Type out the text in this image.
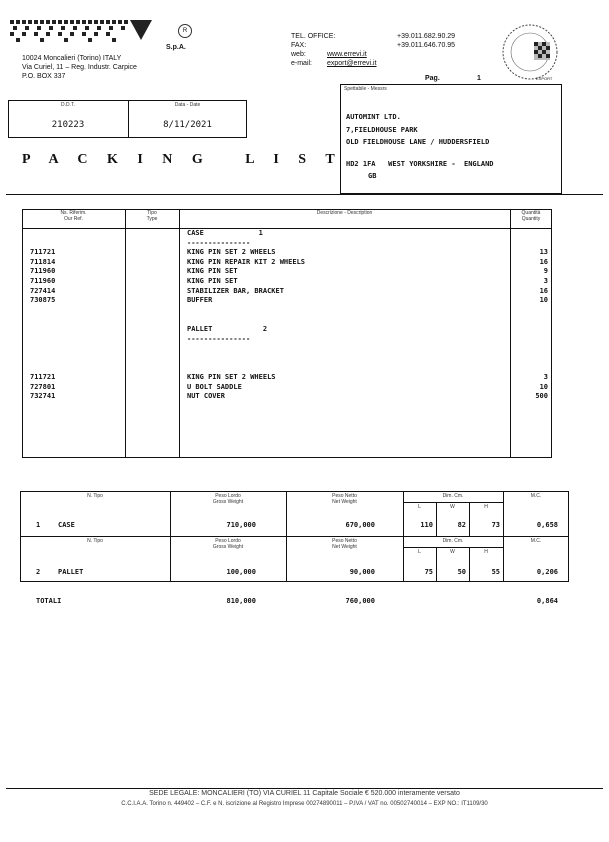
R
S.p.A.
10024 Moncalieri (Torino) ITALY
Via Curiel, 11 – Reg. Industr. Carpice
P.O. BOX 337
TEL. OFFICE:	+39.011.682.90.29
FAX:	+39.011.646.70.95
web:	www.errevi.it
e-mail: export@errevi.it
EXPORT
Pag.	1
D.D.T.
210223
Data - Date
8/11/2021
Spettabile - Messrs
AUTOMINT LTD.
7,FIELDHOUSE PARK
OLD FIELDHOUSE LANE / HUDDERSFIELD
HD2 1FA   WEST YORKSHIRE -  ENGLAND
GB
P A C K I N G   L I S T
Ns. Riferim.
Our Ref.
Tipo
Type
Descrizione - Description	Quantità
Quantity
CASE             1
---------------
711721	KING PIN SET 2 WHEELS	13
711814	KING PIN REPAIR KIT 2 WHEELS	16
711960	KING PIN SET	9
711960	KING PIN SET	3
727414	STABILIZER BAR, BRACKET	16
730875	BUFFER	10
PALLET            2
---------------
711721	KING PIN SET 2 WHEELS	3
727801	U BOLT SADDLE	10
732741	NUT COVER	500
N. Tipo	Peso Lordo
Gross Weight
Peso Netto
Net Weight
Dim. Cm.	M.C.
L	W	H
N. Tipo	Peso Lordo
Gross Weight
Peso Netto
Net Weight
Dim. Cm.	M.C.
L	W	H
1	CASE	710,000	670,000	110	82	73	0,658
2	PALLET	100,000	90,000	75	50	55	0,206
TOTALI	810,000	760,000	0,864
SEDE LEGALE: MONCALIERI (TO) VIA CURIEL 11 Capitale Sociale € 520.000 interamente versato
C.C.I.A.A. Torino n. 449402 – C.F. e N. iscrizione al Registro Imprese 00274890011 – P.IVA / VAT no. 00502740014 – EXP NO.: IT1109/30
